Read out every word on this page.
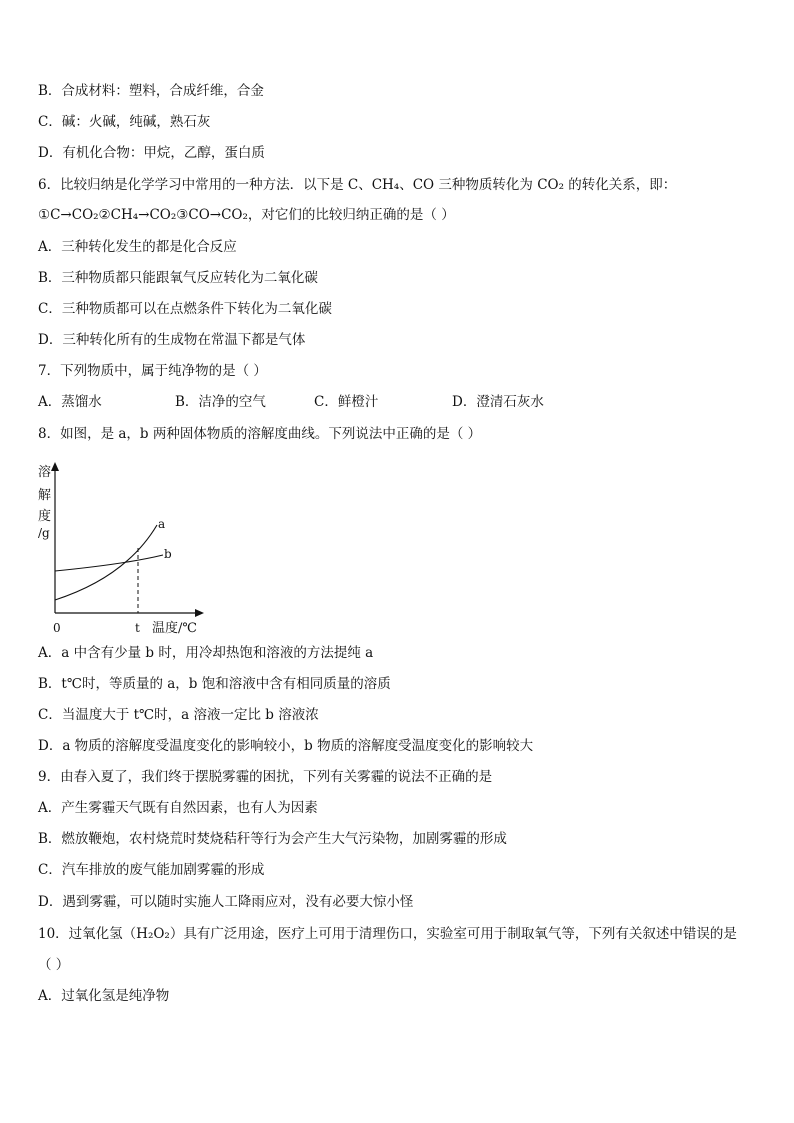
B．合成材料：塑料，合成纤维，合金
C．碱：火碱，纯碱，熟石灰
D．有机化合物：甲烷，乙醇，蛋白质
6．比较归纳是化学学习中常用的一种方法．以下是 C、CH₄、CO 三种物质转化为 CO₂ 的转化关系，即：
①C→CO₂②CH₄→CO₂③CO→CO₂，对它们的比较归纳正确的是（ ）
A．三种转化发生的都是化合反应
B．三种物质都只能跟氧气反应转化为二氧化碳
C．三种物质都可以在点燃条件下转化为二氧化碳
D．三种转化所有的生成物在常温下都是气体
7．下列物质中，属于纯净物的是（ ）
A．蒸馏水	B．洁净的空气	C．鲜橙汁	D．澄清石灰水
8．如图，是 a，b 两种固体物质的溶解度曲线。下列说法中正确的是（ ）
溶
解
度
/g
a
b
0	t 温度/℃
A．a 中含有少量 b 时，用冷却热饱和溶液的方法提纯 a
B．t℃时，等质量的 a，b 饱和溶液中含有相同质量的溶质
C．当温度大于 t℃时，a 溶液一定比 b 溶液浓
D．a 物质的溶解度受温度变化的影响较小，b 物质的溶解度受温度变化的影响较大
9．由春入夏了，我们终于摆脱雾霾的困扰，下列有关雾霾的说法不正确的是
A．产生雾霾天气既有自然因素，也有人为因素
B．燃放鞭炮，农村烧荒时焚烧秸秆等行为会产生大气污染物，加剧雾霾的形成
C．汽车排放的废气能加剧雾霾的形成
D．遇到雾霾，可以随时实施人工降雨应对，没有必要大惊小怪
10．过氧化氢（H₂O₂）具有广泛用途，医疗上可用于清理伤口，实验室可用于制取氧气等，下列有关叙述中错误的是
（ ）
A．过氧化氢是纯净物
